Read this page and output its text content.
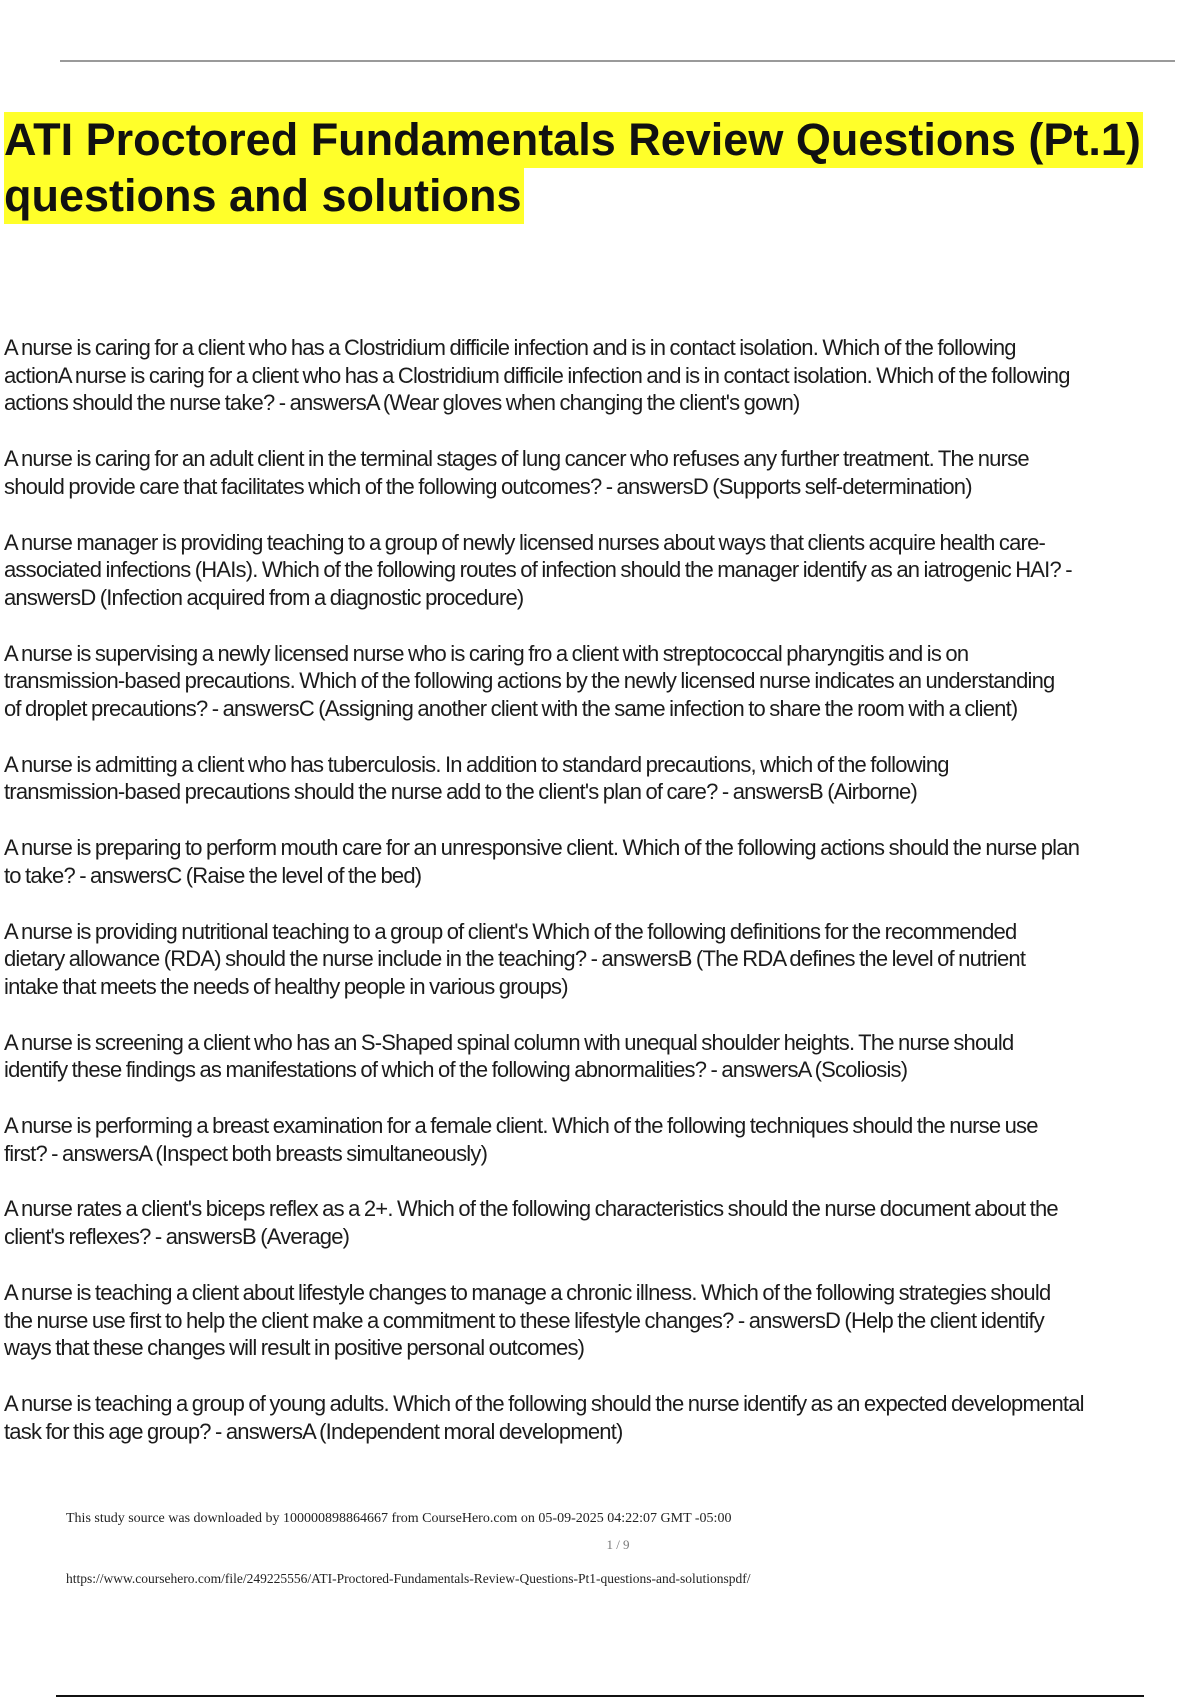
ATI Proctored Fundamentals Review Questions (Pt.1)
questions and solutions
A nurse is caring for a client who has a Clostridium difficile infection and is in contact isolation. Which of the following
actionA nurse is caring for a client who has a Clostridium difficile infection and is in contact isolation. Which of the following
actions should the nurse take? - answersA (Wear gloves when changing the client's gown)
A nurse is caring for an adult client in the terminal stages of lung cancer who refuses any further treatment. The nurse
should provide care that facilitates which of the following outcomes? - answersD (Supports self-determination)
A nurse manager is providing teaching to a group of newly licensed nurses about ways that clients acquire health care-
associated infections (HAIs). Which of the following routes of infection should the manager identify as an iatrogenic HAI? -
answersD (Infection acquired from a diagnostic procedure)
A nurse is supervising a newly licensed nurse who is caring fro a client with streptococcal pharyngitis and is on
transmission-based precautions. Which of the following actions by the newly licensed nurse indicates an understanding
of droplet precautions? - answersC (Assigning another client with the same infection to share the room with a client)
A nurse is admitting a client who has tuberculosis. In addition to standard precautions, which of the following
transmission-based precautions should the nurse add to the client's plan of care? - answersB (Airborne)
A nurse is preparing to perform mouth care for an unresponsive client. Which of the following actions should the nurse plan
to take? - answersC (Raise the level of the bed)
A nurse is providing nutritional teaching to a group of client's Which of the following definitions for the recommended
dietary allowance (RDA) should the nurse include in the teaching? - answersB (The RDA defines the level of nutrient
intake that meets the needs of healthy people in various groups)
A nurse is screening a client who has an S-Shaped spinal column with unequal shoulder heights. The nurse should
identify these findings as manifestations of which of the following abnormalities? - answersA (Scoliosis)
A nurse is performing a breast examination for a female client. Which of the following techniques should the nurse use
first? - answersA (Inspect both breasts simultaneously)
A nurse rates a client's biceps reflex as a 2+. Which of the following characteristics should the nurse document about the
client's reflexes? - answersB (Average)
A nurse is teaching a client about lifestyle changes to manage a chronic illness. Which of the following strategies should
the nurse use first to help the client make a commitment to these lifestyle changes? - answersD (Help the client identify
ways that these changes will result in positive personal outcomes)
A nurse is teaching a group of young adults. Which of the following should the nurse identify as an expected developmental
task for this age group? - answersA (Independent moral development)
This study source was downloaded by 100000898864667 from CourseHero.com on 05-09-2025 04:22:07 GMT -05:00
1 / 9
https://www.coursehero.com/file/249225556/ATI-Proctored-Fundamentals-Review-Questions-Pt1-questions-and-solutionspdf/
